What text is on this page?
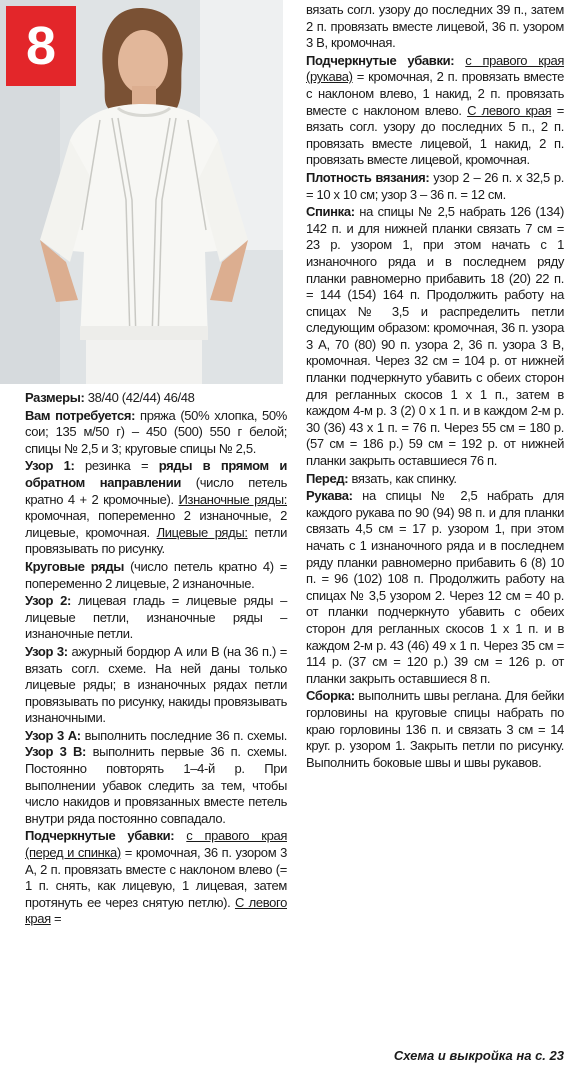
8

Размеры: 38/40 (42/44) 46/48

Вам потребуется: пряжа (50% хлопка, 50% сои; 135 м/50 г) – 450 (500) 550 г белой; спицы № 2,5 и 3; круговые спицы № 2,5.

Узор 1: резинка = ряды в прямом и обратном направлении (число петель кратно 4 + 2 кромочные). Изнаночные ряды: кромочная, попеременно 2 изнаночные, 2 лицевые, кромочная. Лицевые ряды: петли провязывать по рисунку.

Круговые ряды (число петель кратно 4) = попеременно 2 лицевые, 2 изнаночные.

Узор 2: лицевая гладь = лицевые ряды – лицевые петли, изнаночные ряды – изнаночные петли.

Узор 3: ажурный бордюр А или В (на 36 п.) = вязать согл. схеме. На ней даны только лицевые ряды; в изнаночных рядах петли провязывать по рисунку, накиды провязывать изнаночными.

Узор 3 А: выполнить последние 36 п. схемы. Узор 3 В: выполнить первые 36 п. схемы. Постоянно повторять 1–4-й р. При выполнении убавок следить за тем, чтобы число накидов и провязанных вместе петель внутри ряда постоянно совпадало.

Подчеркнутые убавки: с правого края (перед и спинка) = кромочная, 36 п. узором 3 А, 2 п. провязать вместе с наклоном влево (= 1 п. снять, как лицевую, 1 лицевая, затем протянуть ее через снятую петлю). С левого края =

вязать согл. узору до последних 39 п., затем 2 п. провязать вместе лицевой, 36 п. узором 3 В, кромочная.

Подчеркнутые убавки: с правого края (рукава) = кромочная, 2 п. провязать вместе с наклоном влево, 1 накид, 2 п. провязать вместе с наклоном влево. С левого края = вязать согл. узору до последних 5 п., 2 п. провязать вместе лицевой, 1 накид, 2 п. провязать вместе лицевой, кромочная.

Плотность вязания: узор 2 – 26 п. х 32,5 р. = 10 х 10 см; узор 3 – 36 п. = 12 см.

Спинка: на спицы № 2,5 набрать 126 (134) 142 п. и для нижней планки связать 7 см = 23 р. узором 1, при этом начать с 1 изнаночного ряда и в последнем ряду планки равномерно прибавить 18 (20) 22 п. = 144 (154) 164 п. Продолжить работу на спицах № 3,5 и распределить петли следующим образом: кромочная, 36 п. узора 3 А, 70 (80) 90 п. узора 2, 36 п. узора 3 В, кромочная. Через 32 см = 104 р. от нижней планки подчеркнуто убавить с обеих сторон для регланных скосов 1 х 1 п., затем в каждом 4-м р. 3 (2) 0 х 1 п. и в каждом 2-м р. 30 (36) 43 х 1 п. = 76 п. Через 55 см = 180 р. (57 см = 186 р.) 59 см = 192 р. от нижней планки закрыть оставшиеся 76 п.

Перед: вязать, как спинку.

Рукава: на спицы № 2,5 набрать для каждого рукава по 90 (94) 98 п. и для планки связать 4,5 см = 17 р. узором 1, при этом начать с 1 изнаночного ряда и в последнем ряду планки равномерно прибавить 6 (8) 10 п. = 96 (102) 108 п. Продолжить работу на спицах № 3,5 узором 2. Через 12 см = 40 р. от планки подчеркнуто убавить с обеих сторон для регланных скосов 1 х 1 п. и в каждом 2-м р. 43 (46) 49 х 1 п. Через 35 см = 114 р. (37 см = 120 р.) 39 см = 126 р. от планки закрыть оставшиеся 8 п.

Сборка: выполнить швы реглана. Для бейки горловины на круговые спицы набрать по краю горловины 136 п. и связать 3 см = 14 круг. р. узором 1. Закрыть петли по рисунку. Выполнить боковые швы и швы рукавов.

Схема и выкройка на с. 23
